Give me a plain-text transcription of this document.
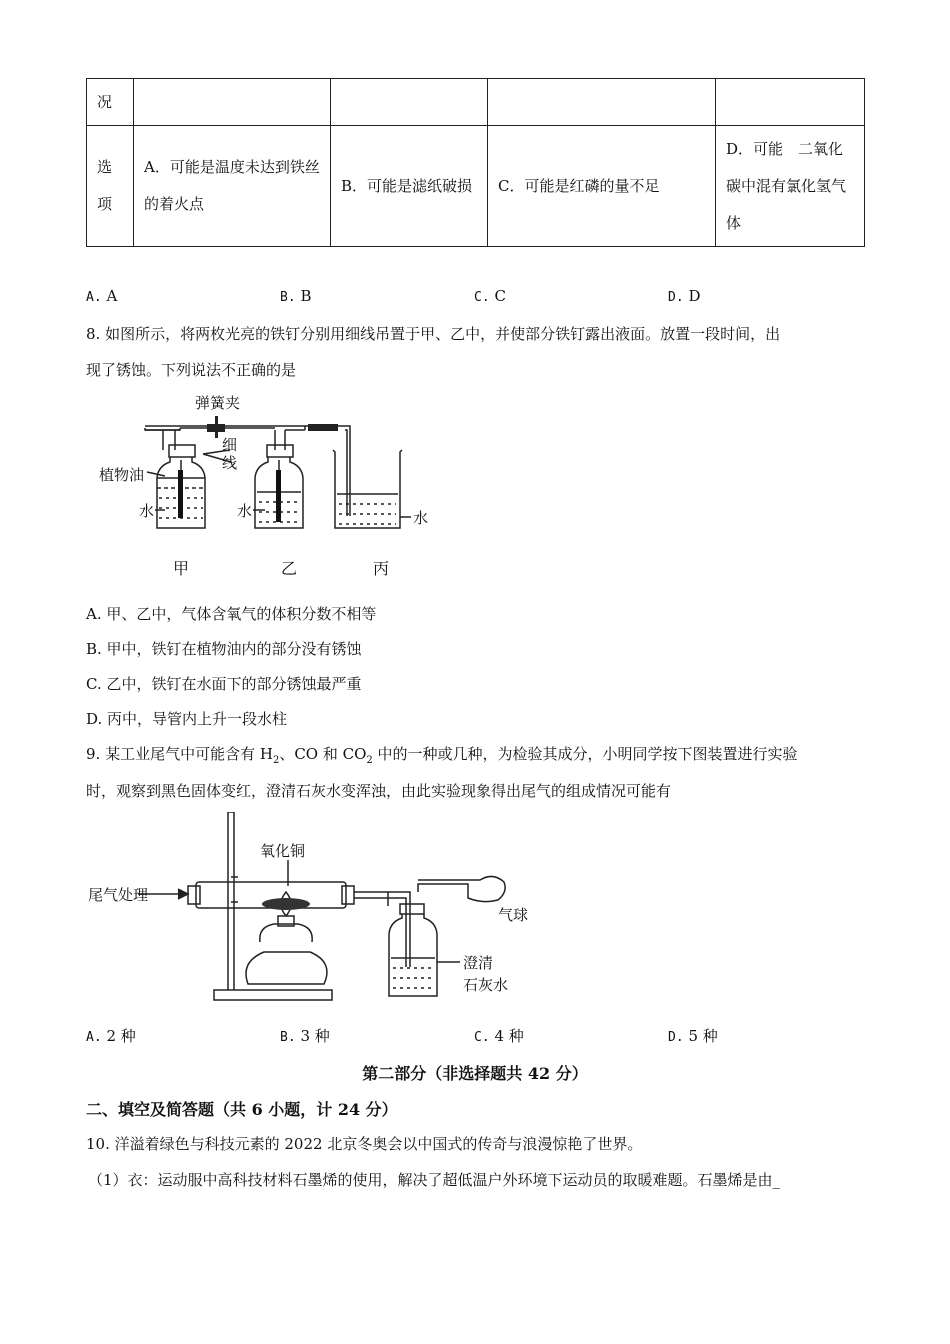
况				
选项	A．可能是温度未达到铁丝的着火点	B．可能是滤纸破损	C．可能是红磷的量不足	D．可能　二氧化碳中混有氯化氢气体
A. A	B. B	C. C	D. D
8. 如图所示，将两枚光亮的铁钉分别用细线吊置于甲、乙中，并使部分铁钉露出液面。放置一段时间，出
现了锈蚀。下列说法不正确的是
弹簧夹
细
线
植物油
水	水	水
甲	乙	丙
A. 甲、乙中，气体含氧气的体积分数不相等
B. 甲中，铁钉在植物油内的部分没有锈蚀
C. 乙中，铁钉在水面下的部分锈蚀最严重
D. 丙中，导管内上升一段水柱
9. 某工业尾气中可能含有 $H_2$、CO 和 $CO_2$ 中的一种或几种，为检验其成分，小明同学按下图装置进行实验
时，观察到黑色固体变红，澄清石灰水变浑浊，由此实验现象得出尾气的组成情况可能有
尾气处理
氧化铜
气球
澄清
石灰水
A. 2 种	B. 3 种	C. 4 种	D. 5 种
第二部分（非选择题共 42 分）
二、填空及简答题（共 6 小题，计 24 分）
10. 洋溢着绿色与科技元素的 2022 北京冬奥会以中国式的传奇与浪漫惊艳了世界。
（1）衣：运动服中高科技材料石墨烯的使用，解决了超低温户外环境下运动员的取暖难题。石墨烯是由_
